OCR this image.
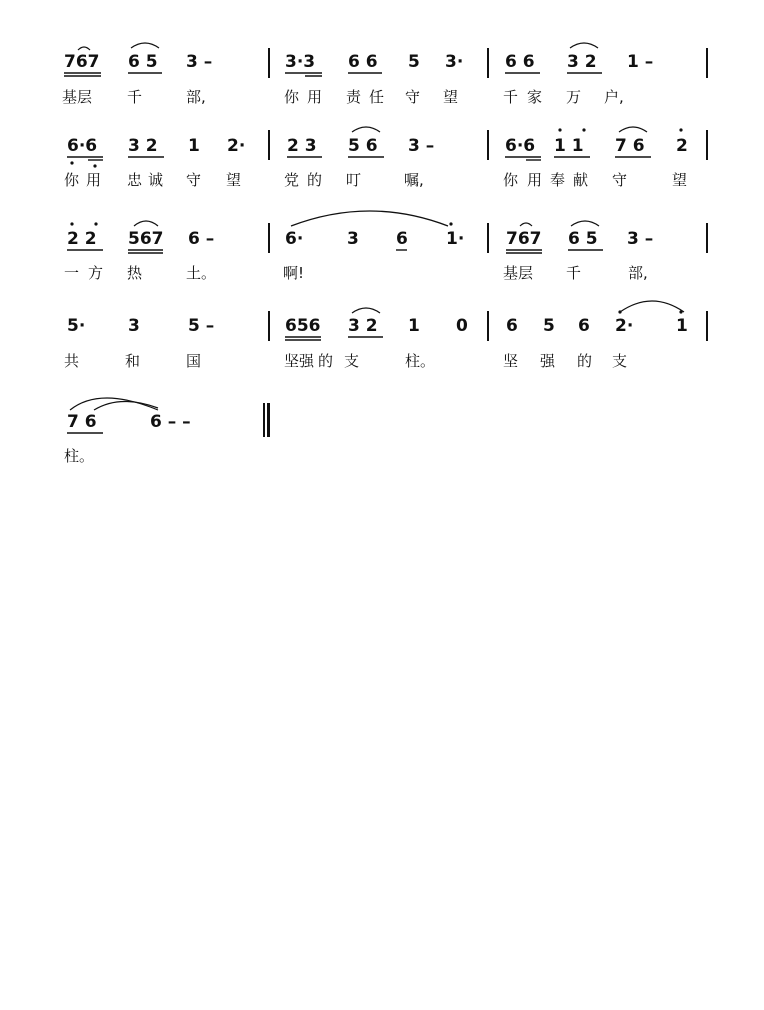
767 6 5 3 –	3·3 6 6 5 3· 6 6 3 2 1 –
基层 千	部,	你 用 责 任 守 望	千 家 万 户,
6·6 3 2 1 2· 2 3 5 6 3 –	6·6 1 1 7 6 2
你 用 忠 诚 守 望	党 的 叮	嘱,	你 用 奉 献 守	望
2 2 567 6 –	6·	3 6 1· 767 6 5 3 –
一 方 热	土。	啊!	基层 千	部,
5·	3	5 –	656 3 2 1 0 6 5 6 2·	1
共	和	国	坚强 的 支	柱。	坚 强 的 支
7 6	6 – –
柱。
